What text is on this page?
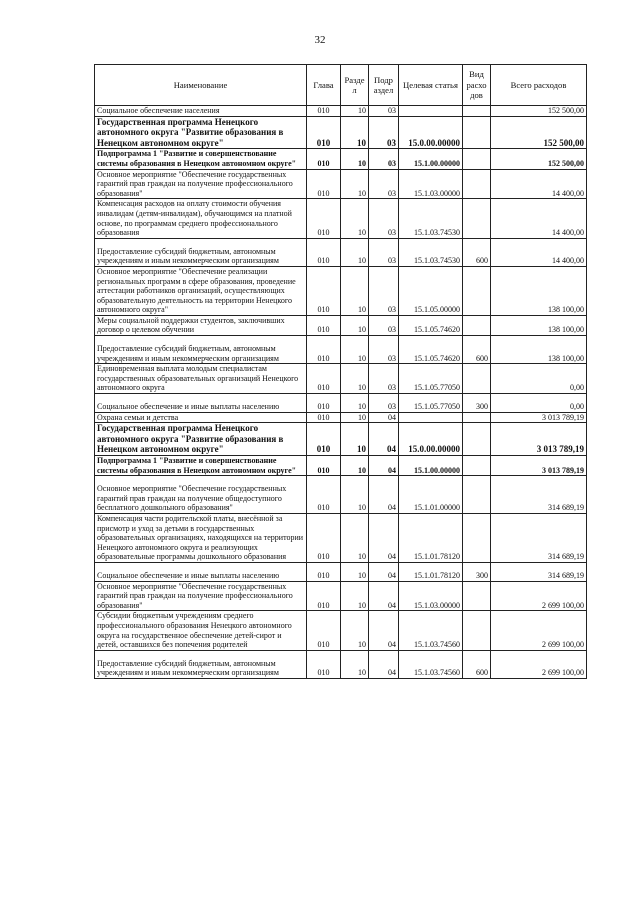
32
Наименование	Глава	Разде л	Подр аздел	Целевая статья	Вид расхо дов	Всего расходов
Социальное обеспечение населения	010	10	03			152 500,00
Государственная программа Ненецкого автономного округа "Развитие образования в Ненецком автономном округе"	010	10	03	15.0.00.00000		152 500,00
Подпрограмма 1 "Развитие и совершенствование системы образования в Ненецком автономном округе"	010	10	03	15.1.00.00000		152 500,00
Основное мероприятие "Обеспечение государственных гарантий прав граждан на получение профессионального образования"	010	10	03	15.1.03.00000		14 400,00
Компенсация расходов на оплату стоимости обучения инвалидам (детям-инвалидам), обучающимся на платной основе, по программам среднего профессионального образования	010	10	03	15.1.03.74530		14 400,00
Предоставление субсидий бюджетным, автономным учреждениям и иным некоммерческим организациям	010	10	03	15.1.03.74530	600	14 400,00
Основное мероприятие "Обеспечение реализации региональных программ в сфере образования, проведение аттестации работников организаций, осуществляющих образовательную деятельность на территории Ненецкого автономного округа"	010	10	03	15.1.05.00000		138 100,00
Меры социальной поддержки студентов, заключивших договор о целевом обучении	010	10	03	15.1.05.74620		138 100,00
Предоставление субсидий бюджетным, автономным учреждениям и иным некоммерческим организациям	010	10	03	15.1.05.74620	600	138 100,00
Единовременная выплата молодым специалистам государственных образовательных организаций Ненецкого автономного округа	010	10	03	15.1.05.77050		0,00
Социальное обеспечение и иные выплаты населению	010	10	03	15.1.05.77050	300	0,00
Охрана семьи и детства	010	10	04			3 013 789,19
Государственная программа Ненецкого автономного округа "Развитие образования в Ненецком автономном округе"	010	10	04	15.0.00.00000		3 013 789,19
Подпрограмма 1 "Развитие и совершенствование системы образования в Ненецком автономном округе"	010	10	04	15.1.00.00000		3 013 789,19
Основное мероприятие "Обеспечение государственных гарантий прав граждан на получение общедоступного бесплатного дошкольного образования"	010	10	04	15.1.01.00000		314 689,19
Компенсация части родительской платы, внесённой за присмотр и уход за детьми в государственных образовательных организациях, находящихся на территории Ненецкого автономного округа и реализующих образовательные программы дошкольного образования	010	10	04	15.1.01.78120		314 689,19
Социальное обеспечение и иные выплаты населению	010	10	04	15.1.01.78120	300	314 689,19
Основное мероприятие "Обеспечение государственных гарантий прав граждан на получение профессионального образования"	010	10	04	15.1.03.00000		2 699 100,00
Субсидии бюджетным учреждениям среднего профессионального образования Ненецкого автономного округа на государственное обеспечение детей-сирот и детей, оставшихся без попечения родителей	010	10	04	15.1.03.74560		2 699 100,00
Предоставление субсидий бюджетным, автономным учреждениям и иным некоммерческим организациям	010	10	04	15.1.03.74560	600	2 699 100,00
